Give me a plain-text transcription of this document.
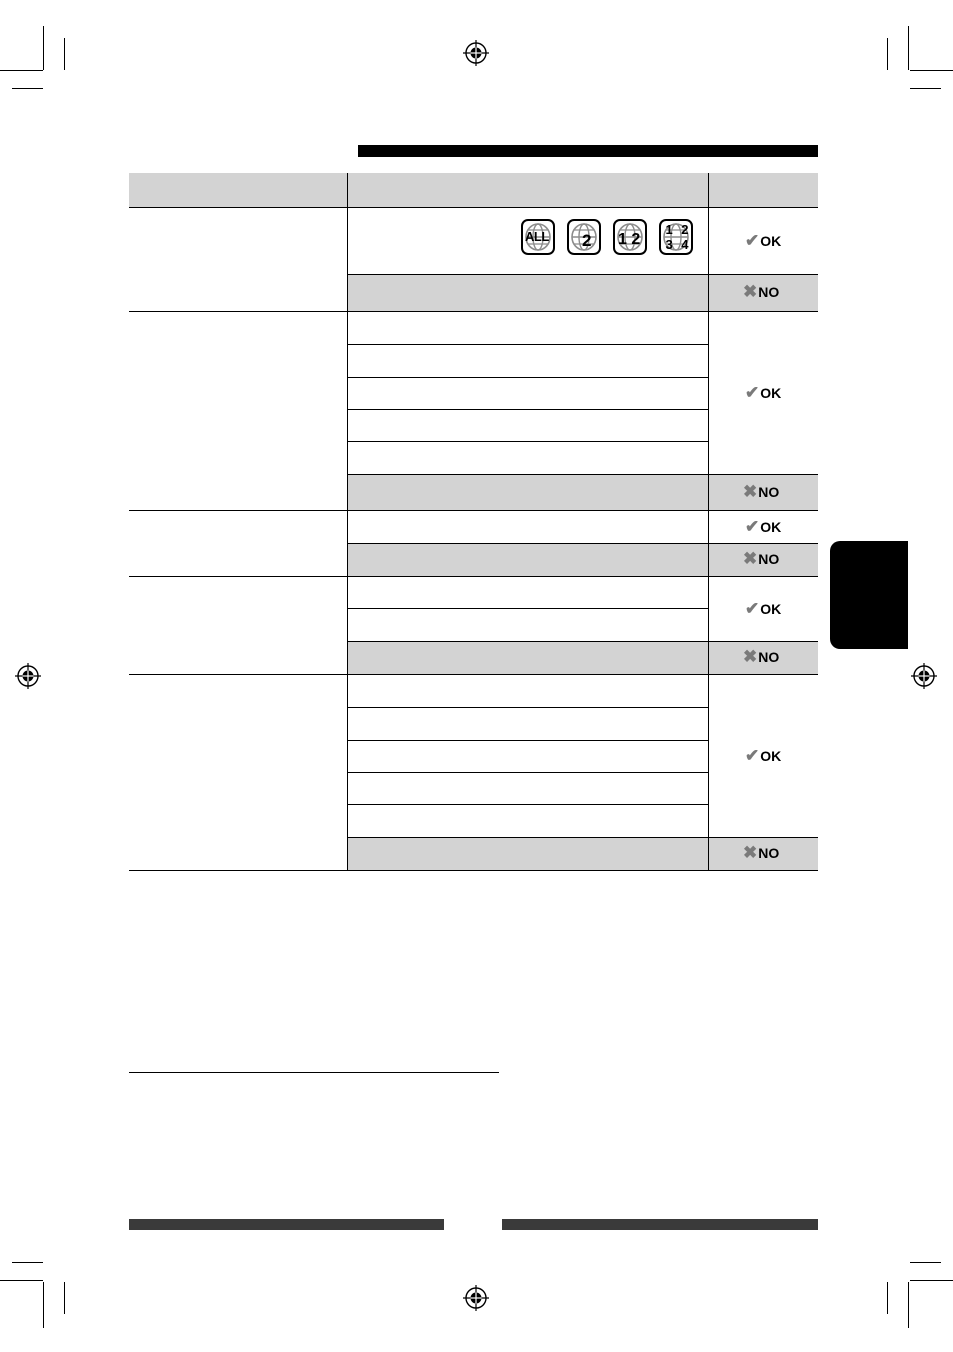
ALL 2 1 2
1 2 3 4	✔OK
✖NO
✔OK
✖NO
✔OK
✖NO
✔OK
✖NO
✔OK
✖NO
